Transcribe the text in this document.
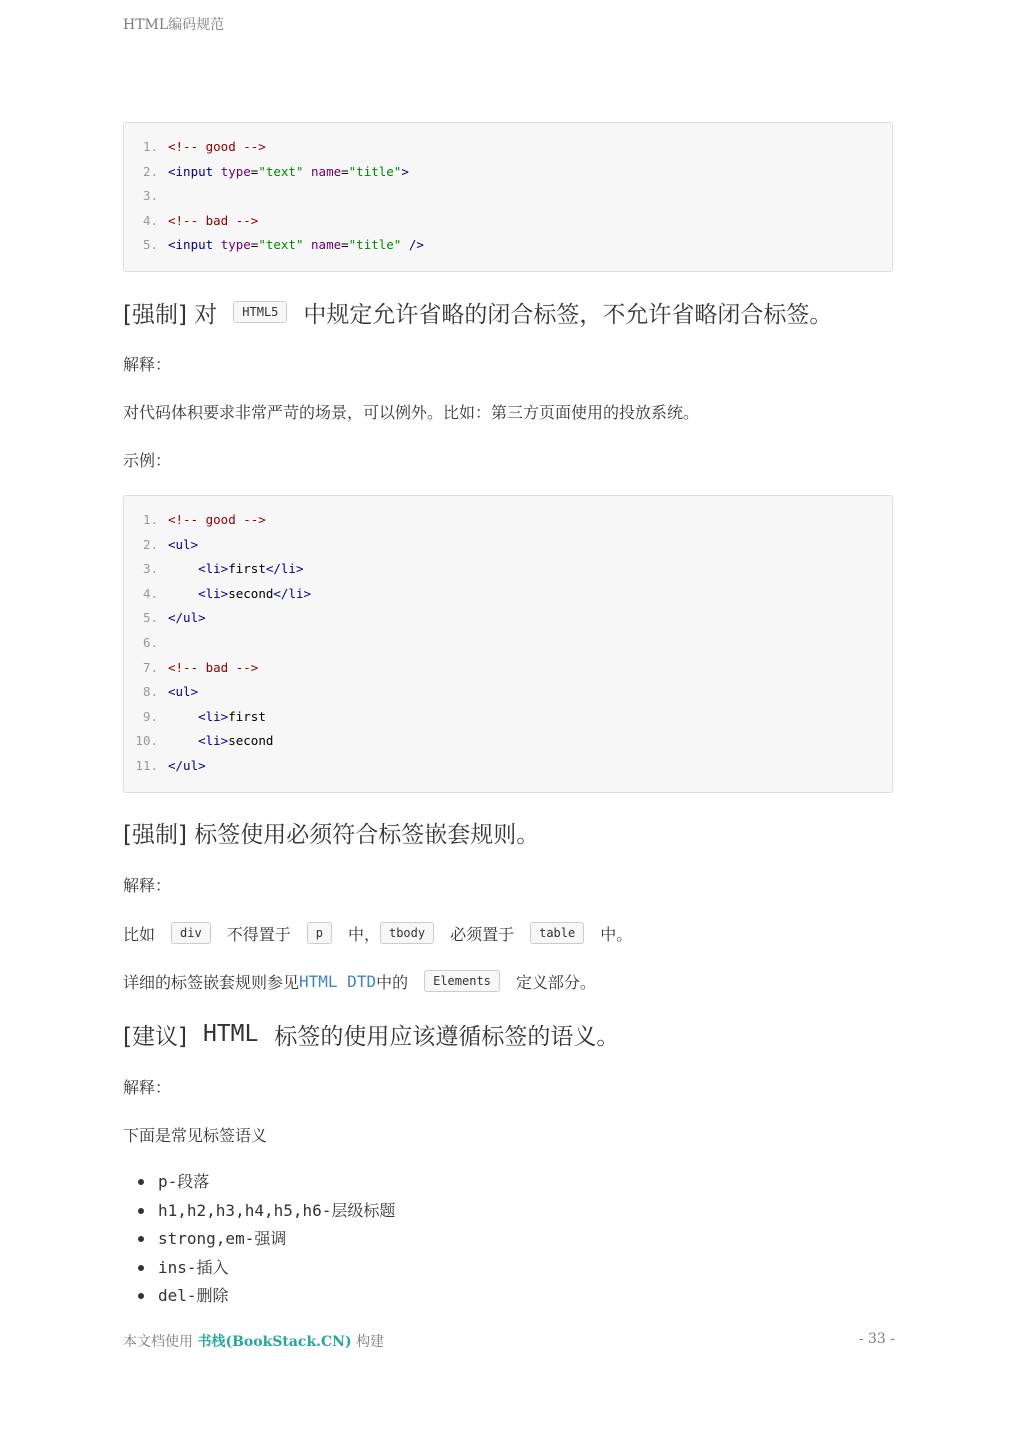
HTML编码规范
1. <!-- good -->
2. <input type="text" name="title">
3.
4. <!-- bad -->
5. <input type="text" name="title" />
[强制] 对	HTML5	中规定允许省略的闭合标签，不允许省略闭合标签。
解释：
对代码体积要求非常严苛的场景，可以例外。比如：第三方页面使用的投放系统。
示例：
1. <!-- good -->
2. <ul>
3.	<li>first</li>
4.	<li>second</li>
5. </ul>
6.
7. <!-- bad -->
8. <ul>
9.	<li>first
10.	<li>second
11. </ul>
[强制] 标签使用必须符合标签嵌套规则。
解释：
比如	div	不得置于	p	中， tbody	必须置于	table	中。
详细的标签嵌套规则参见 HTML DTD 中的	Elements	定义部分。
[建议] HTML 标签的使用应该遵循标签的语义。
解释：
下面是常见标签语义
p - 段落
h1,h2,h3,h4,h5,h6 - 层级标题
strong,em - 强调
ins - 插入
del - 删除
本文档使用 书栈(BookStack.CN) 构建	- 33 -
